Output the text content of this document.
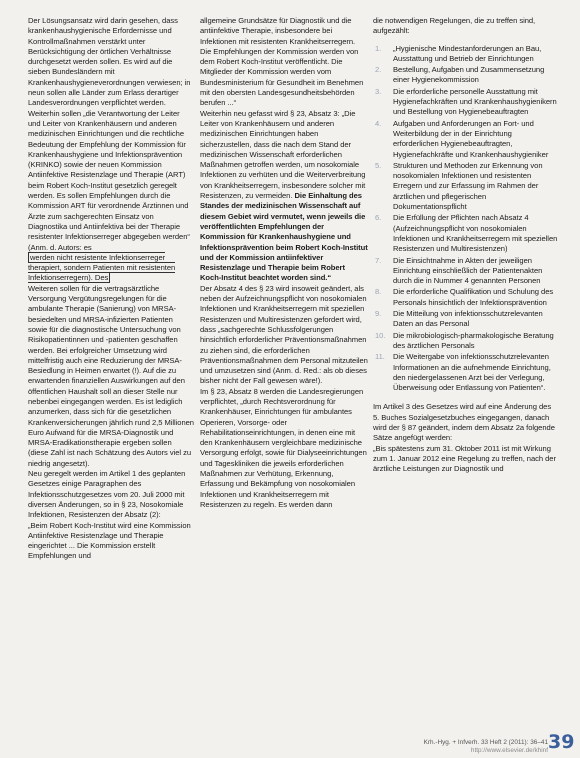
Der Lösungsansatz wird darin gesehen, dass krankenhaushygienische Erfordernisse und Kontrollmaßnahmen verstärkt unter Berücksichtigung der örtlichen Verhältnisse durchgesetzt werden sollen. Es wird auf die sieben Bundesländern mit Krankenhaushygieneverordnungen verwiesen; in neun sollen alle Länder zum Erlass derartiger Landesverordnungen verpflichtet werden.

Weiterhin sollen „die Verantwortung der Leiter und Leiter von Krankenhäusern und anderen medizinischen Einrichtungen und die rechtliche Bedeutung der Empfehlung der Kommission für Krankenhaushygiene und Infektionsprävention (KRINKO) sowie der neuen Kommission Antiinfektive Resistenzlage und Therapie (ART) beim Robert Koch-Institut gesetzlich geregelt werden. Es sollen Empfehlungen durch die Kommission ART für verordnende Ärztinnen und Ärzte zum sachgerechten Einsatz von Diagnostika und Antiinfektiva bei der Therapie resistenter Infektionserreger abgegeben werden“ (Anm. d. Autors: es

werden nicht resistente Infektionserreger therapiert, sondern Patienten mit resistenten Infektionserregern). Des

Weiteren sollen für die vertragsärztliche Versorgung Vergütungsregelungen für die ambulante Therapie (Sanierung) von MRSA-besiedelten und MRSA-infizierten Patienten sowie für die diagnostische Untersuchung von Risikopatientinnen und -patienten geschaffen werden. Bei erfolgreicher Umsetzung wird mittelfristig auch eine Reduzierung der MRSA-Besiedlung in Heimen erwartet (!). Auf die zu erwartenden finanziellen Auswirkungen auf den öffentlichen Haushalt soll an dieser Stelle nur nebenbei eingegangen werden. Es ist lediglich anzumerken, dass sich für die gesetzlichen Krankenversicherungen jährlich rund 2,5 Millionen Euro Aufwand für die MRSA-Diagnostik und MRSA-Eradikationstherapie ergeben sollen (diese Zahl ist nach Schätzung des Autors viel zu niedrig angesetzt).

Neu geregelt werden im Artikel 1 des geplanten Gesetzes einige Paragraphen des Infektionsschutzgesetzes vom 20. Juli 2000 mit diversen Änderungen, so in § 23, Nosokomiale Infektionen, Resistenzen der Absatz (2):

„Beim Robert Koch-Institut wird eine Kommission Antiinfektive Resistenzlage und Therapie eingerichtet ... Die Kommission erstellt Empfehlungen und

allgemeine Grundsätze für Diagnostik und die antiinfektive Therapie, insbesondere bei Infektionen mit resistenten Krankheitserregern. Die Empfehlungen der Kommission werden von dem Robert Koch-Institut veröffentlicht. Die Mitglieder der Kommission werden vom Bundesministerium für Gesundheit im Benehmen mit den obersten Landesgesundheitsbehörden berufen ...“

Weiterhin neu gefasst wird § 23, Absatz 3: „Die Leiter von Krankenhäusern und anderen medizinischen Einrichtungen haben sicherzustellen, dass die nach dem Stand der medizinischen Wissenschaft erforderlichen Maßnahmen getroffen werden, um nosokomiale Infektionen zu verhüten und die Weiterverbreitung von Krankheitserregern, insbesondere solcher mit Resistenzen, zu vermeiden. Die Einhaltung des Standes der medizinischen Wissenschaft auf diesem Gebiet wird vermutet, wenn jeweils die veröffentlichten Empfehlungen der Kommission für Krankenhaushygiene und Infektionsprävention beim Robert Koch-Institut und der Kommission antiinfektiver Resistenzlage und Therapie beim Robert Koch-Institut beachtet worden sind.“

Der Absatz 4 des § 23 wird insoweit geändert, als neben der Aufzeichnungspflicht von nosokomialen Infektionen und Krankheitserregern mit speziellen Resistenzen und Multiresistenzen gefordert wird, dass „sachgerechte Schlussfolgerungen hinsichtlich erforderlicher Präventionsmaßnahmen zu ziehen sind, die erforderlichen Präventionsmaßnahmen dem Personal mitzuteilen und umzusetzen sind (Anm. d. Red.: als ob dieses bisher nicht der Fall gewesen wäre!).

Im § 23, Absatz 8 werden die Landesregierungen verpflichtet, „durch Rechtsverordnung für Krankenhäuser, Einrichtungen für ambulantes Operieren, Vorsorge- oder Rehabilitationseinrichtungen, in denen eine mit den Krankenhäusern vergleichbare medizinische Versorgung erfolgt, sowie für Dialyseeinrichtungen und Tageskliniken die jeweils erforderlichen Maßnahmen zur Verhütung, Erkennung, Erfassung und Bekämpfung von nosokomialen Infektionen und Krankheitserregern mit Resistenzen zu regeln. Es werden dann

die notwendigen Regelungen, die zu treffen sind, aufgezählt:

1. „Hygienische Mindestanforderungen an Bau, Ausstattung und Betrieb der Einrichtungen
2. Bestellung, Aufgaben und Zusammensetzung einer Hygienekommission
3. Die erforderliche personelle Ausstattung mit Hygienefachkräften und Krankenhaushygienikern und Bestellung von Hygienebeauftragten
4. Aufgaben und Anforderungen an Fort- und Weiterbildung der in der Einrichtung erforderlichen Hygienebeauftragten, Hygienefachkräfte und Krankenhaushygieniker
5. Strukturen und Methoden zur Erkennung von nosokomialen Infektionen und resistenten Erregern und zur Erfassung im Rahmen der ärztlichen und pflegerischen Dokumentationspflicht
6. Die Erfüllung der Pflichten nach Absatz 4 (Aufzeichnungspflicht von nosokomialen Infektionen und Krankheitserregern mit speziellen Resistenzen und Multiresistenzen)
7. Die Einsichtnahme in Akten der jeweiligen Einrichtung einschließlich der Patientenakten durch die in Nummer 4 genannten Personen
8. Die erforderliche Qualifikation und Schulung des Personals hinsichtlich der Infektionsprävention
9. Die Mitteilung von infektionsschutzrelevanten Daten an das Personal
10. Die mikrobiologisch-pharmakologische Beratung des ärztlichen Personals
11. Die Weitergabe von infektionsschutzrelevanten Informationen an die aufnehmende Einrichtung, den niedergelassenen Arzt bei der Verlegung, Überweisung oder Entlassung von Patienten“.

Im Artikel 3 des Gesetzes wird auf eine Änderung des 5. Buches Sozialgesetzbuches eingegangen, danach wird der § 87 geändert, indem dem Absatz 2a folgende Sätze angefügt werden:

„Bis spätestens zum 31. Oktober 2011 ist mit Wirkung zum 1. Januar 2012 eine Regelung zu treffen, nach der ärztliche Leistungen zur Diagnostik und

Krh.-Hyg. + Infverh. 33 Heft 2 (2011): 36–41
http://www.elsevier.de/khinf 39
